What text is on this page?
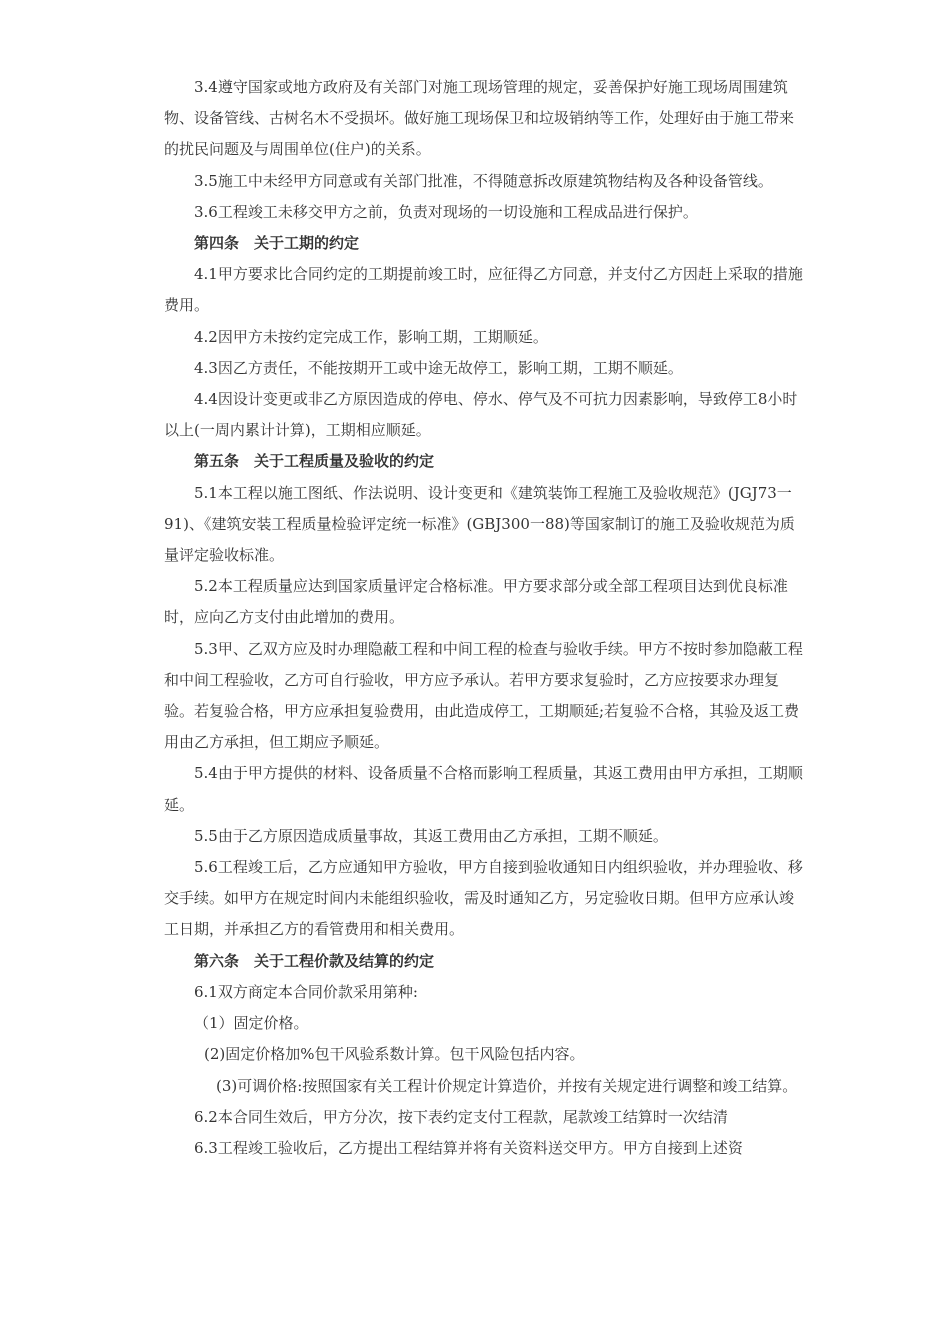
3.4遵守国家或地方政府及有关部门对施工现场管理的规定，妥善保护好施工现场周围建筑物、设备管线、古树名木不受损坏。做好施工现场保卫和垃圾销纳等工作，处理好由于施工带来的扰民问题及与周围单位(住户)的关系。

3.5施工中未经甲方同意或有关部门批准，不得随意拆改原建筑物结构及各种设备管线。

3.6工程竣工未移交甲方之前，负责对现场的一切设施和工程成品进行保护。

第四条　关于工期的约定

4.1甲方要求比合同约定的工期提前竣工时，应征得乙方同意，并支付乙方因赶上采取的措施费用。

4.2因甲方未按约定完成工作，影响工期，工期顺延。

4.3因乙方责任，不能按期开工或中途无故停工，影响工期，工期不顺延。

4.4因设计变更或非乙方原因造成的停电、停水、停气及不可抗力因素影响，导致停工8小时以上(一周内累计计算)，工期相应顺延。

第五条　关于工程质量及验收的约定

5.1本工程以施工图纸、作法说明、设计变更和《建筑装饰工程施工及验收规范》(JGJ73一91)、《建筑安装工程质量检验评定统一标准》(GBJ300一88)等国家制订的施工及验收规范为质量评定验收标准。

5.2本工程质量应达到国家质量评定合格标准。甲方要求部分或全部工程项目达到优良标准时，应向乙方支付由此增加的费用。

5.3甲、乙双方应及时办理隐蔽工程和中间工程的检查与验收手续。甲方不按时参加隐蔽工程和中间工程验收，乙方可自行验收，甲方应予承认。若甲方要求复验时，乙方应按要求办理复验。若复验合格，甲方应承担复验费用，由此造成停工，工期顺延;若复验不合格，其验及返工费用由乙方承担，但工期应予顺延。

5.4由于甲方提供的材料、设备质量不合格而影响工程质量，其返工费用由甲方承担，工期顺延。

5.5由于乙方原因造成质量事故，其返工费用由乙方承担，工期不顺延。

5.6工程竣工后，乙方应通知甲方验收，甲方自接到验收通知日内组织验收，并办理验收、移交手续。如甲方在规定时间内未能组织验收，需及时通知乙方，另定验收日期。但甲方应承认竣工日期，并承担乙方的看管费用和相关费用。

第六条　关于工程价款及结算的约定

6.1双方商定本合同价款采用第种:

（1）固定价格。

(2)固定价格加%包干风验系数计算。包干风险包括内容。

(3)可调价格:按照国家有关工程计价规定计算造价，并按有关规定进行调整和竣工结算。

6.2本合同生效后，甲方分次，按下表约定支付工程款，尾款竣工结算时一次结清

6.3工程竣工验收后，乙方提出工程结算并将有关资料送交甲方。甲方自接到上述资
